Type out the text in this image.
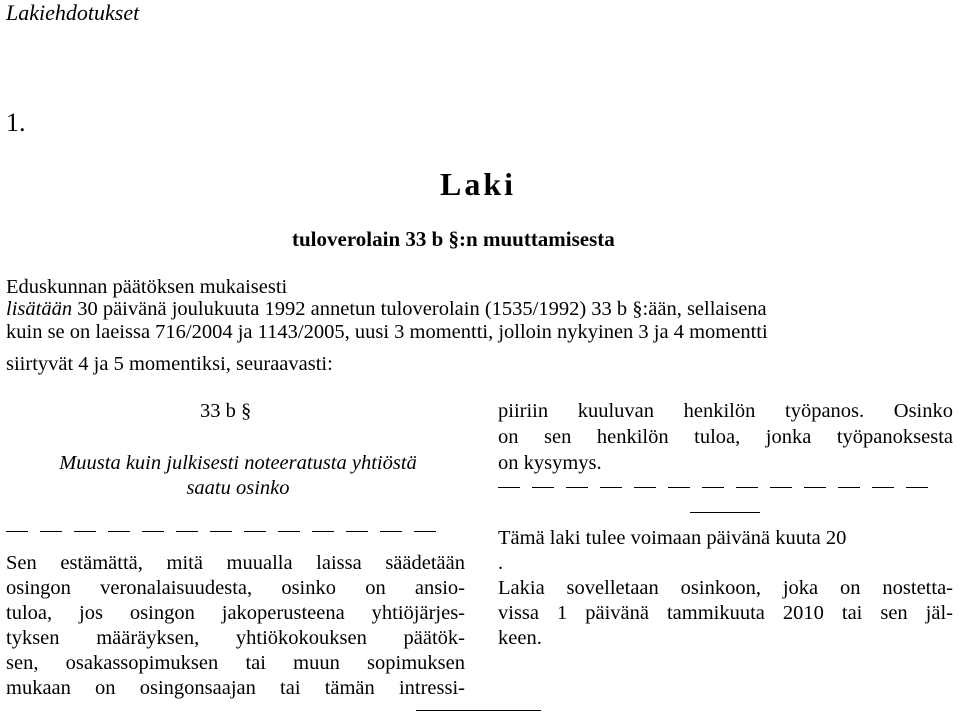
Lakiehdotukset
1.
Laki
tuloverolain 33 b §:n muuttamisesta
Eduskunnan päätöksen mukaisesti
lisätään 30 päivänä joulukuuta 1992 annetun tuloverolain (1535/1992) 33 b §:ään, sellaisena
kuin se on laeissa 716/2004 ja 1143/2005, uusi 3 momentti, jolloin nykyinen 3 ja 4 momentti
siirtyvät 4 ja 5 momentiksi, seuraavasti:
33 b §
Muusta kuin julkisesti noteeratusta yhtiöstä
saatu osinko
Sen estämättä, mitä muualla laissa säädetään
osingon veronalaisuudesta, osinko on ansio-
tuloa, jos osingon jakoperusteena yhtiöjärjes-
tyksen määräyksen, yhtiökokouksen päätök-
sen, osakassopimuksen tai muun sopimuksen
mukaan on osingonsaajan tai tämän intressi-
piiriin kuuluvan henkilön työpanos. Osinko
on sen henkilön tuloa, jonka työpanoksesta
on kysymys.
Tämä laki tulee voimaan päivänä kuuta 20
.
Lakia sovelletaan osinkoon, joka on nostetta-
vissa 1 päivänä tammikuuta 2010 tai sen jäl-
keen.
